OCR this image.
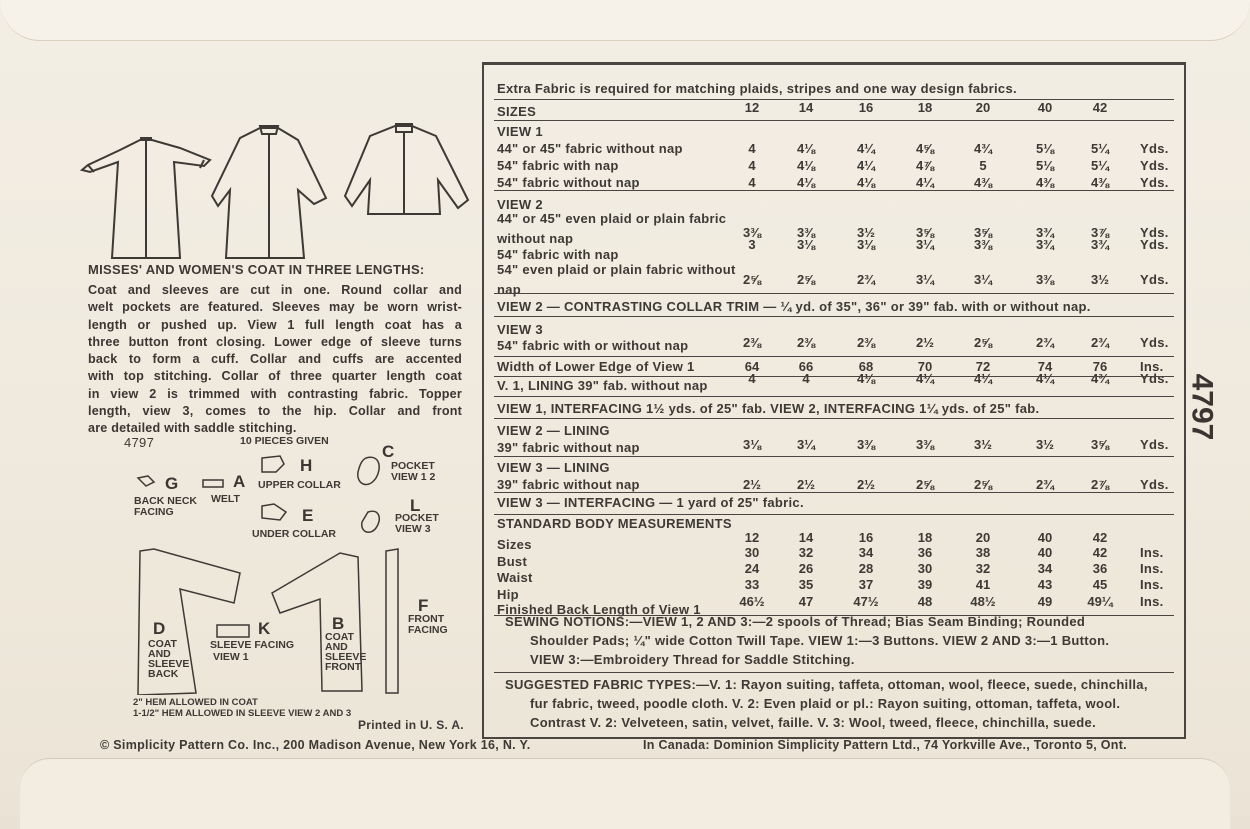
MISSES' AND WOMEN'S COAT IN THREE LENGTHS:
Coat and sleeves are cut in one. Round collar and
welt pockets are featured. Sleeves may be worn wrist-
length or pushed up. View 1 full length coat has a
three button front closing. Lower edge of sleeve turns
back to form a cuff. Collar and cuffs are accented
with top stitching. Collar of three quarter length coat
in view 2 is trimmed with contrasting fabric. Topper
length, view 3, comes to the hip. Collar and front
are detailed with saddle stitching.
4797	10 PIECES GIVEN
G
BACK NECK FACING
A
WELT
H
UPPER COLLAR
C
POCKET
VIEW 1 2
E
UNDER COLLAR
L
POCKET
VIEW 3
D
COAT
AND
SLEEVE
BACK
K
SLEEVE FACING
VIEW 1
B
COAT
AND
SLEEVE
FRONT
F
FRONT
FACING
2" HEM ALLOWED IN COAT
1-1/2" HEM ALLOWED IN SLEEVE VIEW 2 AND 3
Printed in U. S. A.
Extra Fabric is required for matching plaids, stripes and one way design fabrics.
SIZES	12	14	16	18	20	40	42
VIEW 1
44" or 45" fabric without nap	4	4⅛	4¼	4⅝	4¾	5⅛	5¼	Yds.
54" fabric with nap	4	4⅛	4¼	4⅞	5	5⅛	5¼	Yds.
54" fabric without nap	4	4⅛	4⅛	4¼	4⅜	4⅜	4⅜	Yds.
VIEW 2
44" or 45" even plaid or plain fabric
without nap	3⅜	3⅜	3½	3⅝	3⅝	3¾	3⅞	Yds.
54" fabric with nap
3	3⅛	3⅛	3¼	3⅜	3¾	3¾	Yds.
54" even plaid or plain fabric without
nap
2⅝	2⅝	2¾	3¼	3¼	3⅜	3½	Yds.
VIEW 2 — CONTRASTING COLLAR TRIM — ¼ yd. of 35", 36" or 39" fab. with or without nap.
VIEW 3
54" fabric with or without nap	2⅜	2⅜	2⅜	2½	2⅝	2¾	2¾	Yds.
Width of Lower Edge of View 1	64	66	68	70	72	74	76	Ins.
V. 1, LINING 39" fab. without nap	4	4	4⅛	4¼	4¼	4¼	4¾	Yds.
VIEW 1, INTERFACING 1½ yds. of 25" fab. VIEW 2, INTERFACING 1¼ yds. of 25" fab.
VIEW 2 — LINING
39" fabric without nap	3⅛	3¼	3⅜	3⅜	3½	3½	3⅝	Yds.
VIEW 3 — LINING
39" fabric without nap	2½	2½	2½	2⅝	2⅝	2¾	2⅞	Yds.
VIEW 3 — INTERFACING — 1 yard of 25" fabric.
STANDARD BODY MEASUREMENTS
Sizes	12	14	16	18	20	40	42
Bust
30	32	34	36	38	40	42	Ins.
Waist
24	26	28	30	32	34	36	Ins.
Hip
33	35	37	39	41	43	45	Ins.
Finished Back Length of View 1
46½	47	47½	48	48½	49	49¼	Ins.
SEWING NOTIONS:—VIEW 1, 2 AND 3:—2 spools of Thread; Bias Seam Binding; Rounded
Shoulder Pads; ¼" wide Cotton Twill Tape. VIEW 1:—3 Buttons. VIEW 2 AND 3:—1 Button.
VIEW 3:—Embroidery Thread for Saddle Stitching.
SUGGESTED FABRIC TYPES:—V. 1: Rayon suiting, taffeta, ottoman, wool, fleece, suede, chinchilla,
fur fabric, tweed, poodle cloth. V. 2: Even plaid or pl.: Rayon suiting, ottoman, taffeta, wool.
Contrast V. 2: Velveteen, satin, velvet, faille. V. 3: Wool, tweed, fleece, chinchilla, suede.
4797
© Simplicity Pattern Co. Inc., 200 Madison Avenue, New York 16, N. Y.	In Canada: Dominion Simplicity Pattern Ltd., 74 Yorkville Ave., Toronto 5, Ont.
